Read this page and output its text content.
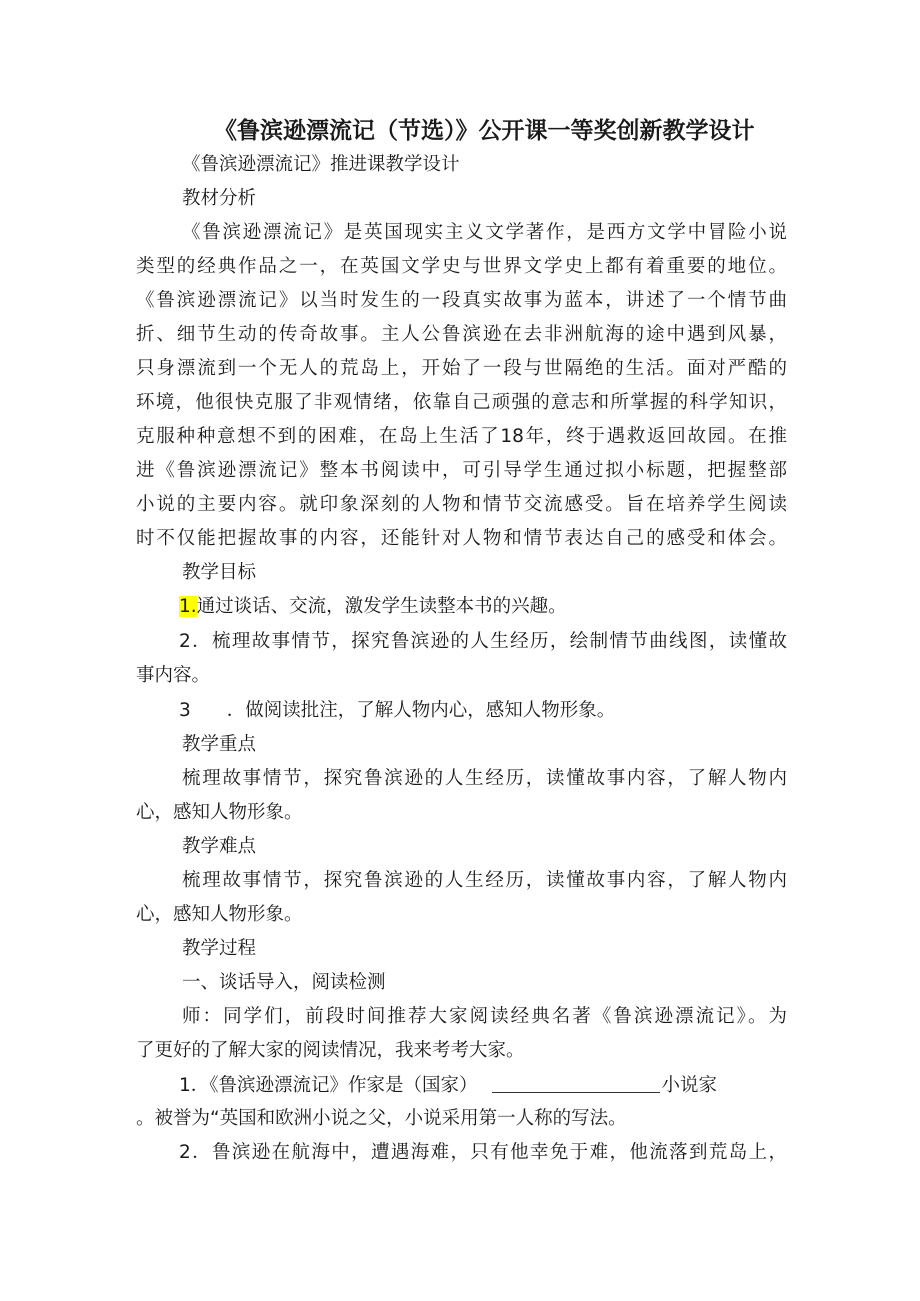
《鲁滨逊漂流记（节选）》公开课一等奖创新教学设计
《鲁滨逊漂流记》推进课教学设计
教材分析
《鲁滨逊漂流记》是英国现实主义文学著作，是西方文学中冒险小说
类型的经典作品之一，在英国文学史与世界文学史上都有着重要的地位。
《鲁滨逊漂流记》以当时发生的一段真实故事为蓝本，讲述了一个情节曲
折、细节生动的传奇故事。主人公鲁滨逊在去非洲航海的途中遇到风暴，
只身漂流到一个无人的荒岛上，开始了一段与世隔绝的生活。面对严酷的
环境，他很快克服了非观情绪，依靠自己顽强的意志和所掌握的科学知识，
克服种种意想不到的困难，在岛上生活了18年，终于遇救返回故园。在推
进《鲁滨逊漂流记》整本书阅读中，可引导学生通过拟小标题，把握整部
小说的主要内容。就印象深刻的人物和情节交流感受。旨在培养学生阅读
时不仅能把握故事的内容，还能针对人物和情节表达自己的感受和体会。
教学目标
1.通过谈话、交流，激发学生读整本书的兴趣。
2．梳理故事情节，探究鲁滨逊的人生经历，绘制情节曲线图，读懂故
事内容。
3 ．做阅读批注，了解人物内心，感知人物形象。
教学重点
梳理故事情节，探究鲁滨逊的人生经历，读懂故事内容，了解人物内
心，感知人物形象。
教学难点
梳理故事情节，探究鲁滨逊的人生经历，读懂故事内容，了解人物内
心，感知人物形象。
教学过程
一、谈话导入，阅读检测
师：同学们，前段时间推荐大家阅读经典名著《鲁滨逊漂流记》。为
了更好的了解大家的阅读情况，我来考考大家。
1．《鲁滨逊漂流记》作家是（国家）	小说家
。被誉为“英国和欧洲小说之父，小说采用第一人称的写法。
2．鲁滨逊在航海中，遭遇海难，只有他幸免于难，他流落到荒岛上，
